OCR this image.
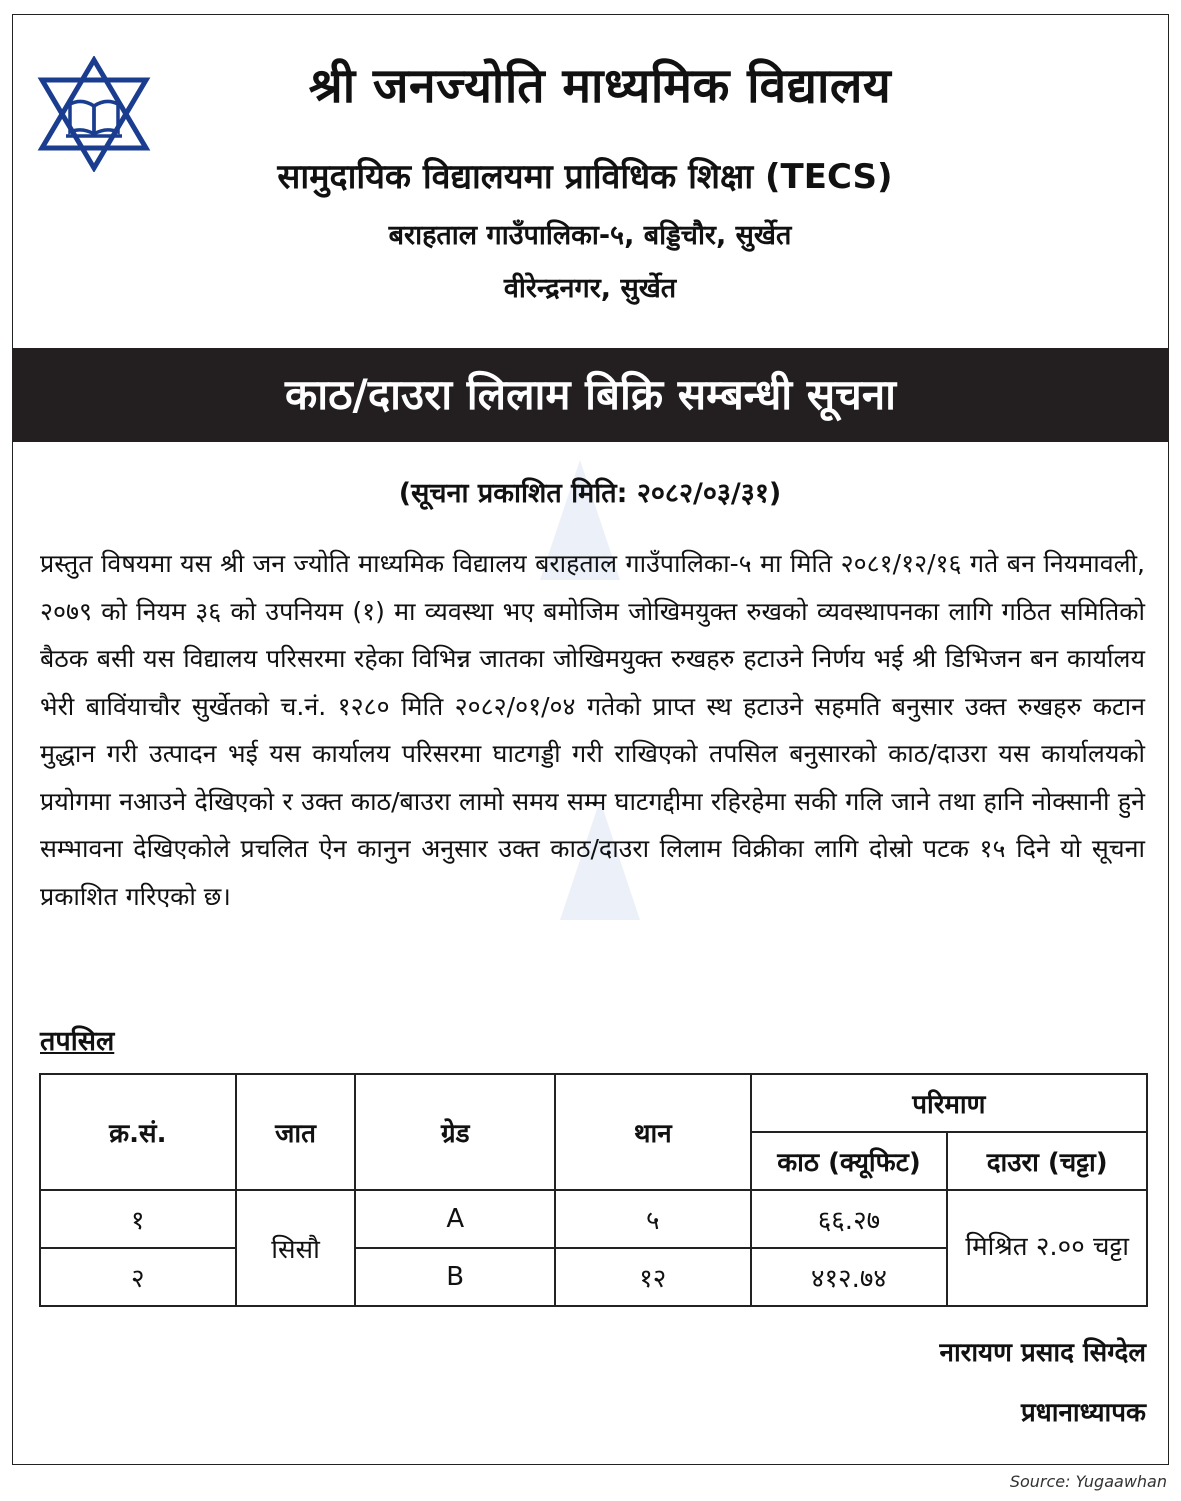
श्री जनज्योति माध्यमिक विद्यालय
सामुदायिक विद्यालयमा प्राविधिक शिक्षा (TECS)
बराहताल गाउँपालिका-५, बड्डिचौर, सुर्खेत
वीरेन्द्रनगर, सुर्खेत
काठ/दाउरा लिलाम बिक्रि सम्बन्धी सूचना
(सूचना प्रकाशित मिति: २०८२/०३/३१)
प्रस्तुत विषयमा यस श्री जन ज्योति माध्यमिक विद्यालय बराहताल गाउँपालिका-५ मा मिति २०८१/१२/१६ गते बन नियमावली, २०७९ को नियम ३६ को उपनियम (१) मा व्यवस्था भए बमोजिम जोखिमयुक्त रुखको व्यवस्थापनका लागि गठित समितिको बैठक बसी यस विद्यालय परिसरमा रहेका विभिन्न जातका जोखिमयुक्त रुखहरु हटाउने निर्णय भई श्री डिभिजन बन कार्यालय भेरी बाविंयाचौर सुर्खेतको च.नं. १२८० मिति २०८२/०१/०४ गतेको प्राप्त स्थ हटाउने सहमति बनुसार उक्त रुखहरु कटान मुद्धान गरी उत्पादन भई यस कार्यालय परिसरमा घाटगड्डी गरी राखिएको तपसिल बनुसारको काठ/दाउरा यस कार्यालयको प्रयोगमा नआउने देखिएको र उक्त काठ/बाउरा लामो समय सम्म घाटगद्दीमा रहिरहेमा सकी गलि जाने तथा हानि नोक्सानी हुने सम्भावना देखिएकोले प्रचलित ऐन कानुन अनुसार उक्त काठ/दाउरा लिलाम विक्रीका लागि दोस्रो पटक १५ दिने यो सूचना प्रकाशित गरिएको छ।
तपसिल
क्र.सं.	जात	ग्रेड	थान	परिमाण	
				काठ (क्यूफिट)	दाउरा (चट्टा)
१	सिसौ	A	५	६६.२७	मिश्रित २.०० चट्टा
२		B	१२	४१२.७४	
नारायण प्रसाद सिग्देल
प्रधानाध्यापक
Source: Yugaawhan
